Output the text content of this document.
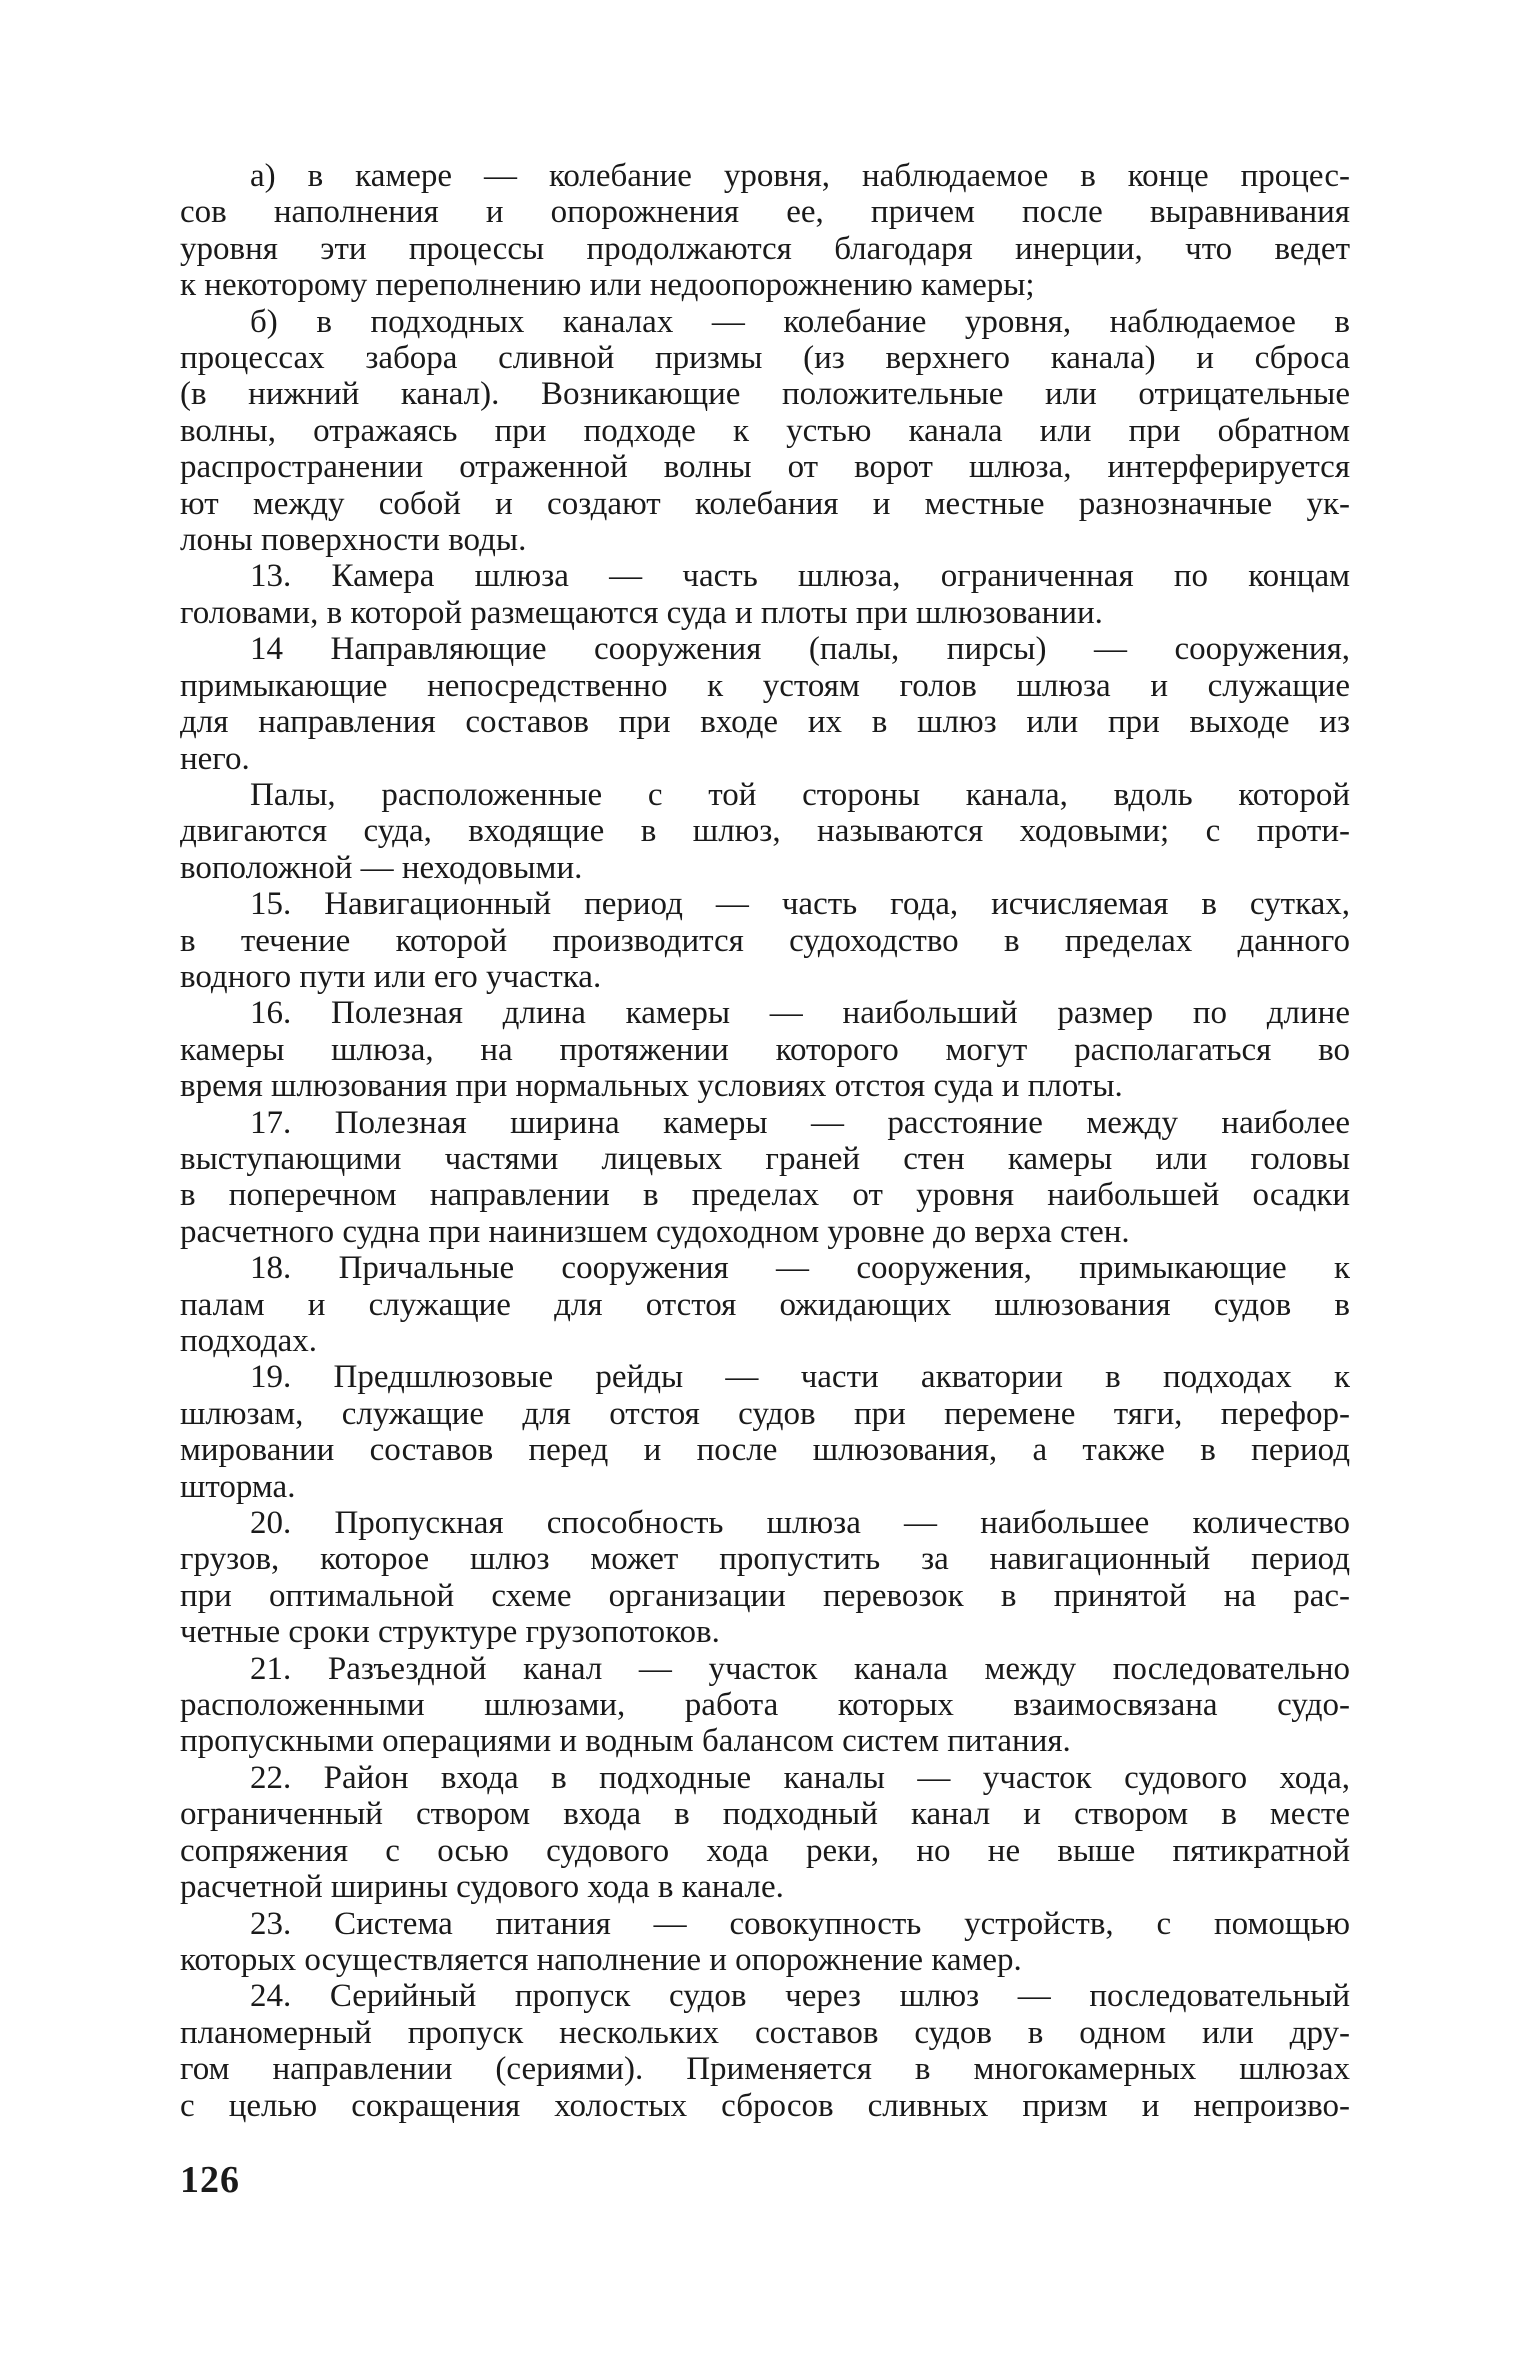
а) в камере — колебание уровня, наблюдаемое в конце процес-
сов наполнения и опорожнения ее, причем после выравнивания
уровня эти процессы продолжаются благодаря инерции, что ведет
к некоторому переполнению или недоопорожнению камеры;
б) в подходных каналах — колебание уровня, наблюдаемое в
процессах забора сливной призмы (из верхнего канала) и сброса
(в нижний канал). Возникающие положительные или отрицательные
волны, отражаясь при подходе к устью канала или при обратном
распространении отраженной волны от ворот шлюза, интерферируется
ют между собой и создают колебания и местные разнозначные ук-
лоны поверхности воды.
13. Камера шлюза — часть шлюза, ограниченная по концам
головами, в которой размещаются суда и плоты при шлюзовании.
14 Направляющие сооружения (палы, пирсы) — сооружения,
примыкающие непосредственно к устоям голов шлюза и служащие
для направления составов при входе их в шлюз или при выходе из
него.
Палы, расположенные с той стороны канала, вдоль которой
двигаются суда, входящие в шлюз, называются ходовыми; с проти-
воположной — неходовыми.
15. Навигационный период — часть года, исчисляемая в сутках,
в течение которой производится судоходство в пределах данного
водного пути или его участка.
16. Полезная длина камеры — наибольший размер по длине
камеры шлюза, на протяжении которого могут располагаться во
время шлюзования при нормальных условиях отстоя суда и плоты.
17. Полезная ширина камеры — расстояние между наиболее
выступающими частями лицевых граней стен камеры или головы
в поперечном направлении в пределах от уровня наибольшей осадки
расчетного судна при наинизшем судоходном уровне до верха стен.
18. Причальные сооружения — сооружения, примыкающие к
палам и служащие для отстоя ожидающих шлюзования судов в
подходах.
19. Предшлюзовые рейды — части акватории в подходах к
шлюзам, служащие для отстоя судов при перемене тяги, перефор-
мировании составов перед и после шлюзования, а также в период
шторма.
20. Пропускная способность шлюза — наибольшее количество
грузов, которое шлюз может пропустить за навигационный период
при оптимальной схеме организации перевозок в принятой на рас-
четные сроки структуре грузопотоков.
21. Разъездной канал — участок канала между последовательно
расположенными шлюзами, работа которых взаимосвязана судо-
пропускными операциями и водным балансом систем питания.
22. Район входа в подходные каналы — участок судового хода,
ограниченный створом входа в подходный канал и створом в месте
сопряжения с осью судового хода реки, но не выше пятикратной
расчетной ширины судового хода в канале.
23. Система питания — совокупность устройств, с помощью
которых осуществляется наполнение и опорожнение камер.
24. Серийный пропуск судов через шлюз — последовательный
планомерный пропуск нескольких составов судов в одном или дру-
гом направлении (сериями). Применяется в многокамерных шлюзах
с целью сокращения холостых сбросов сливных призм и непроизво-
126
